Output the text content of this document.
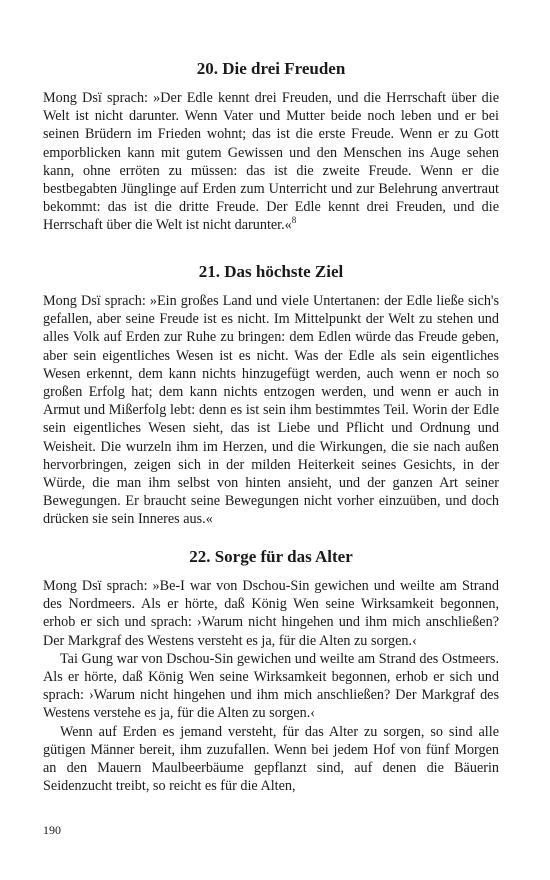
20. Die drei Freuden

Mong Dsï sprach: »Der Edle kennt drei Freuden, und die Herrschaft über die Welt ist nicht darunter. Wenn Vater und Mutter beide noch leben und er bei seinen Brüdern im Frieden wohnt; das ist die erste Freude. Wenn er zu Gott emporblicken kann mit gutem Gewissen und den Menschen ins Auge sehen kann, ohne erröten zu müssen: das ist die zweite Freude. Wenn er die bestbegabten Jünglinge auf Erden zum Unterricht und zur Belehrung anvertraut bekommt: das ist die dritte Freude. Der Edle kennt drei Freuden, und die Herrschaft über die Welt ist nicht darunter.«$^8$

21. Das höchste Ziel

Mong Dsï sprach: »Ein großes Land und viele Untertanen: der Edle ließe sich's gefallen, aber seine Freude ist es nicht. Im Mittelpunkt der Welt zu stehen und alles Volk auf Erden zur Ruhe zu bringen: dem Edlen würde das Freude geben, aber sein eigentliches Wesen ist es nicht. Was der Edle als sein eigentliches Wesen erkennt, dem kann nichts hinzugefügt werden, auch wenn er noch so großen Erfolg hat; dem kann nichts entzogen werden, und wenn er auch in Armut und Mißerfolg lebt: denn es ist sein ihm bestimmtes Teil. Worin der Edle sein eigentliches Wesen sieht, das ist Liebe und Pflicht und Ordnung und Weisheit. Die wurzeln ihm im Herzen, und die Wirkungen, die sie nach außen hervorbringen, zeigen sich in der milden Heiterkeit seines Gesichts, in der Würde, die man ihm selbst von hinten ansieht, und der ganzen Art seiner Bewegungen. Er braucht seine Bewegungen nicht vorher einzuüben, und doch drücken sie sein Inneres aus.«

22. Sorge für das Alter

Mong Dsï sprach: »Be-I war von Dschou-Sin gewichen und weilte am Strand des Nordmeers. Als er hörte, daß König Wen seine Wirksamkeit begonnen, erhob er sich und sprach: ›Warum nicht hingehen und ihm mich anschließen? Der Markgraf des Westens versteht es ja, für die Alten zu sorgen.‹

Tai Gung war von Dschou-Sin gewichen und weilte am Strand des Ostmeers. Als er hörte, daß König Wen seine Wirksamkeit begonnen, erhob er sich und sprach: ›Warum nicht hingehen und ihm mich anschließen? Der Markgraf des Westens verstehe es ja, für die Alten zu sorgen.‹

Wenn auf Erden es jemand versteht, für das Alter zu sorgen, so sind alle gütigen Männer bereit, ihm zuzufallen. Wenn bei jedem Hof von fünf Morgen an den Mauern Maulbeerbäume gepflanzt sind, auf denen die Bäuerin Seidenzucht treibt, so reicht es für die Alten,

190
